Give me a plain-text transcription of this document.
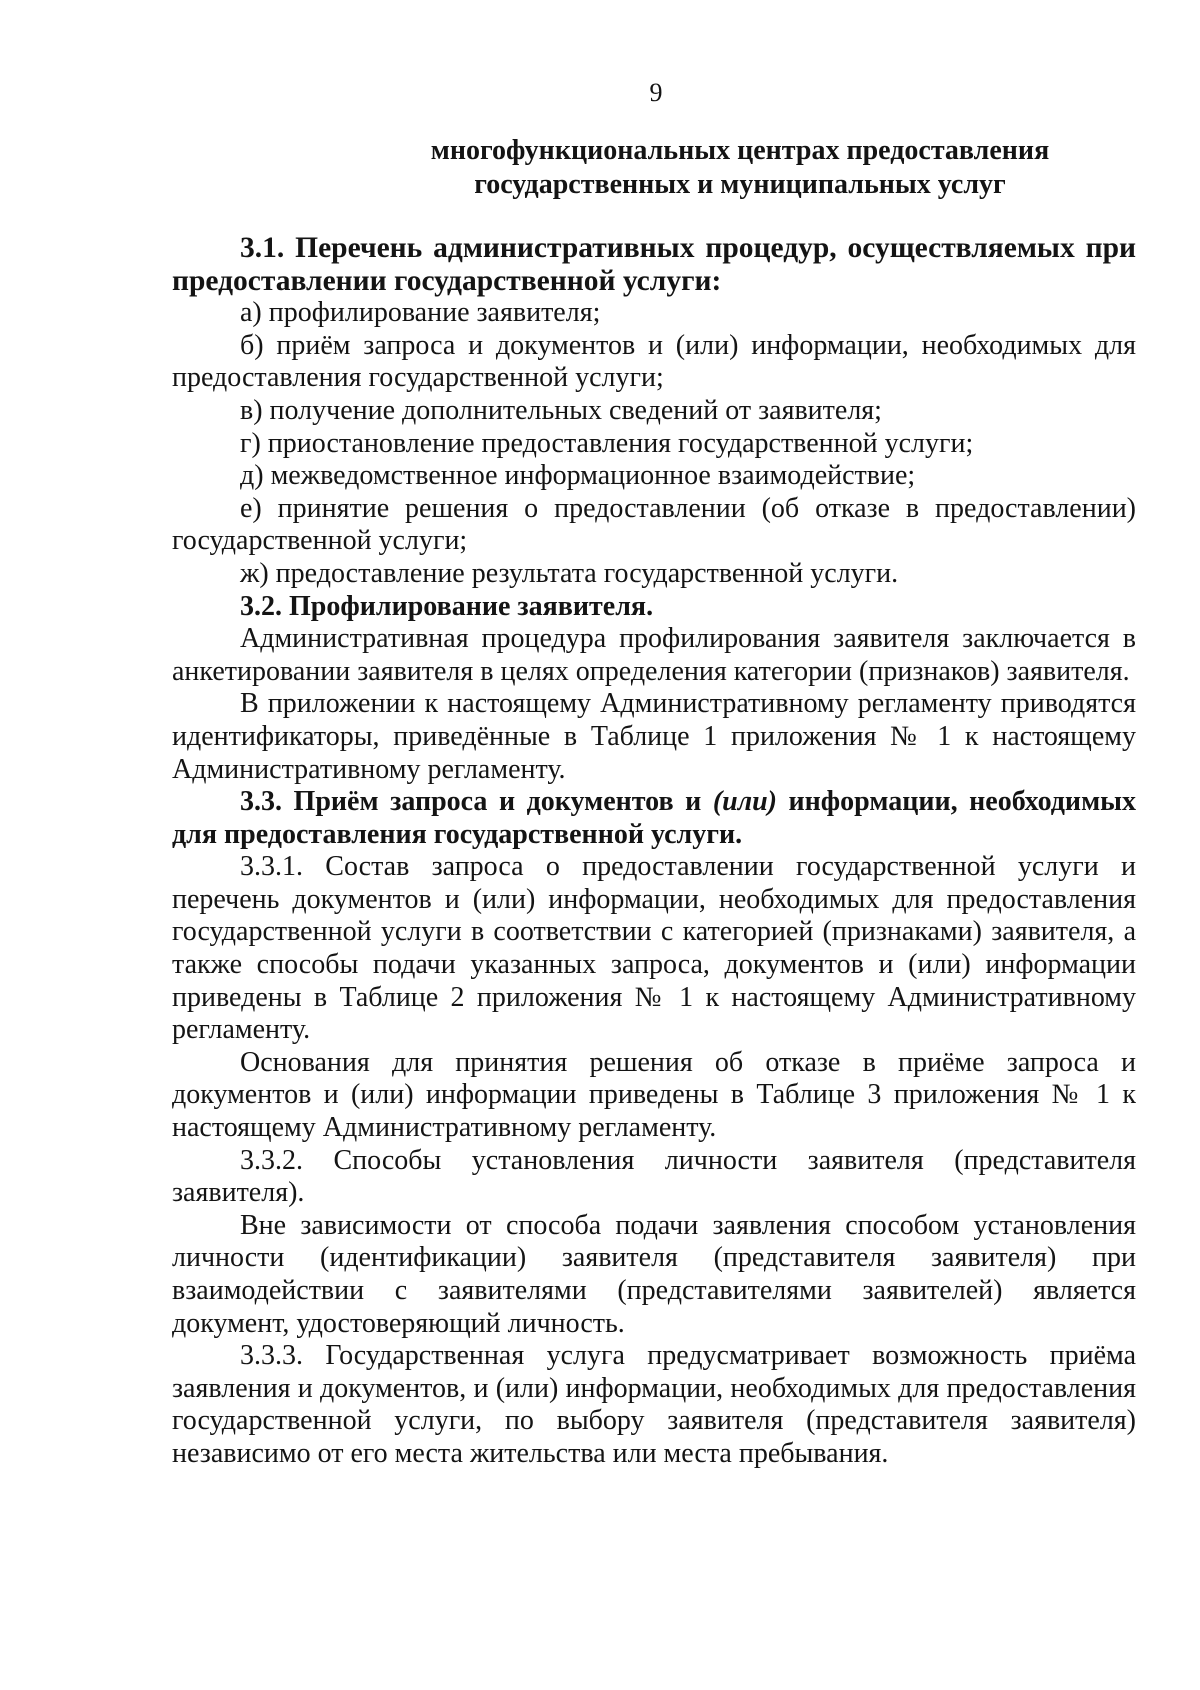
9
многофункциональных центрах предоставления
государственных и муниципальных услуг

3.1. Перечень административных процедур, осуществляемых при предоставлении государственной услуги:

а) профилирование заявителя;

б) приём запроса и документов и (или) информации, необходимых для предоставления государственной услуги;

в) получение дополнительных сведений от заявителя;

г) приостановление предоставления государственной услуги;

д) межведомственное информационное взаимодействие;

е) принятие решения о предоставлении (об отказе в предоставлении) государственной услуги;

ж) предоставление результата государственной услуги.

3.2. Профилирование заявителя.

Административная процедура профилирования заявителя заключается в анкетировании заявителя в целях определения категории (признаков) заявителя.

В приложении к настоящему Административному регламенту приводятся идентификаторы, приведённые в Таблице 1 приложения № 1 к настоящему Административному регламенту.

3.3. Приём запроса и документов и (или) информации, необходимых для предоставления государственной услуги.

3.3.1. Состав запроса о предоставлении государственной услуги и перечень документов и (или) информации, необходимых для предоставления государственной услуги в соответствии с категорией (признаками) заявителя, а также способы подачи указанных запроса, документов и (или) информации приведены в Таблице 2 приложения № 1 к настоящему Административному регламенту.

Основания для принятия решения об отказе в приёме запроса и документов и (или) информации приведены в Таблице 3 приложения № 1 к настоящему Административному регламенту.

3.3.2. Способы установления личности заявителя (представителя заявителя).

Вне зависимости от способа подачи заявления способом установления личности (идентификации) заявителя (представителя заявителя) при взаимодействии с заявителями (представителями заявителей) является документ, удостоверяющий личность.

3.3.3. Государственная услуга предусматривает возможность приёма заявления и документов, и (или) информации, необходимых для предоставления государственной услуги, по выбору заявителя (представителя заявителя) независимо от его места жительства или места пребывания.
